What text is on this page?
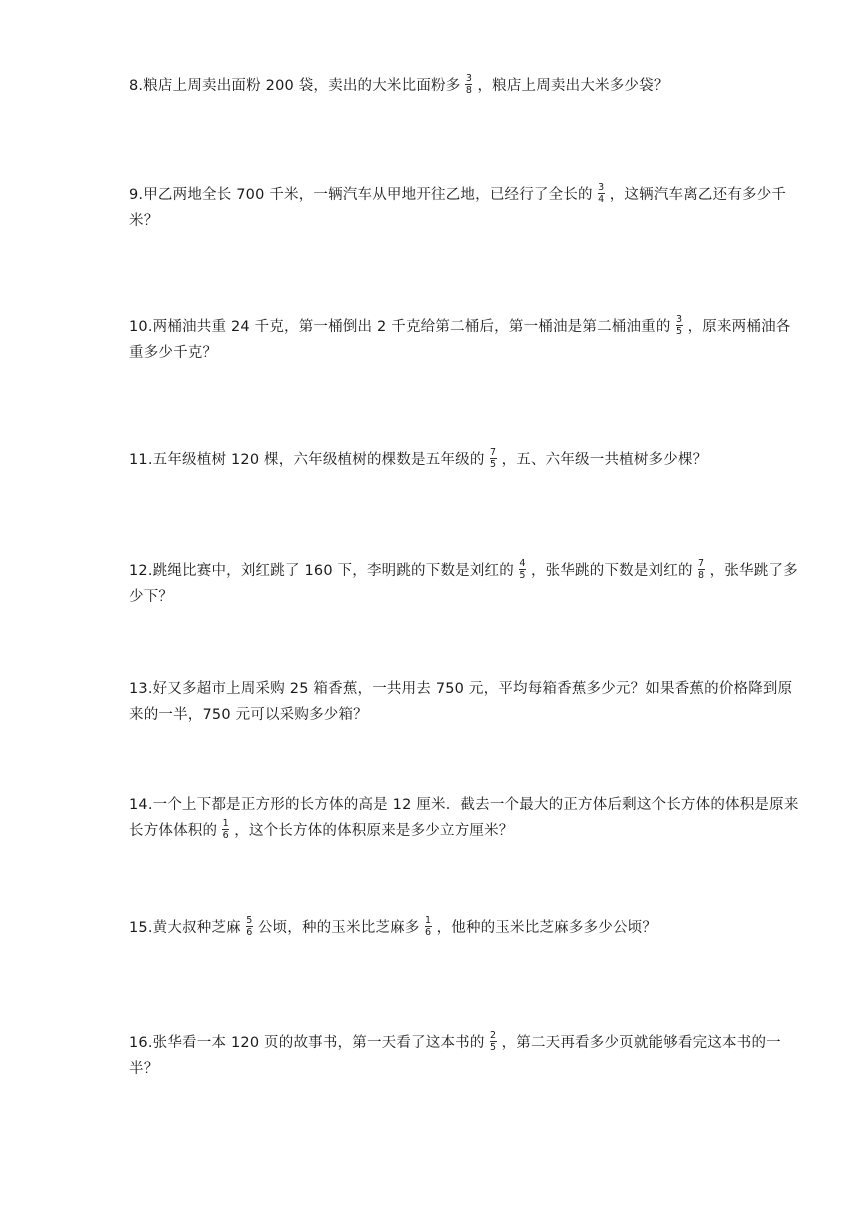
8.粮店上周卖出面粉 200 袋，卖出的大米比面粉多 $\frac{3}{8}$ ，粮店上周卖出大米多少袋？
9.甲乙两地全长 700 千米，一辆汽车从甲地开往乙地，已经行了全长的 $\frac{3}{4}$ ，这辆汽车离乙还有多少千米？
10.两桶油共重 24 千克，第一桶倒出 2 千克给第二桶后，第一桶油是第二桶油重的 $\frac{3}{5}$ ，原来两桶油各重多少千克？
11.五年级植树 120 棵，六年级植树的棵数是五年级的 $\frac{7}{5}$ ，五、六年级一共植树多少棵？
12.跳绳比赛中，刘红跳了 160 下，李明跳的下数是刘红的 $\frac{4}{5}$ ，张华跳的下数是刘红的 $\frac{7}{8}$ ，张华跳了多少下？
13.好又多超市上周采购 25 箱香蕉，一共用去 750 元，平均每箱香蕉多少元？如果香蕉的价格降到原来的一半，750 元可以采购多少箱？
14.一个上下都是正方形的长方体的高是 12 厘米．截去一个最大的正方体后剩这个长方体的体积是原来长方体体积的 $\frac{1}{6}$ ，这个长方体的体积原来是多少立方厘米？
15.黄大叔种芝麻 $\frac{5}{6}$ 公顷，种的玉米比芝麻多 $\frac{1}{6}$ ，他种的玉米比芝麻多多少公顷？
16.张华看一本 120 页的故事书，第一天看了这本书的 $\frac{2}{5}$ ，第二天再看多少页就能够看完这本书的一半？
